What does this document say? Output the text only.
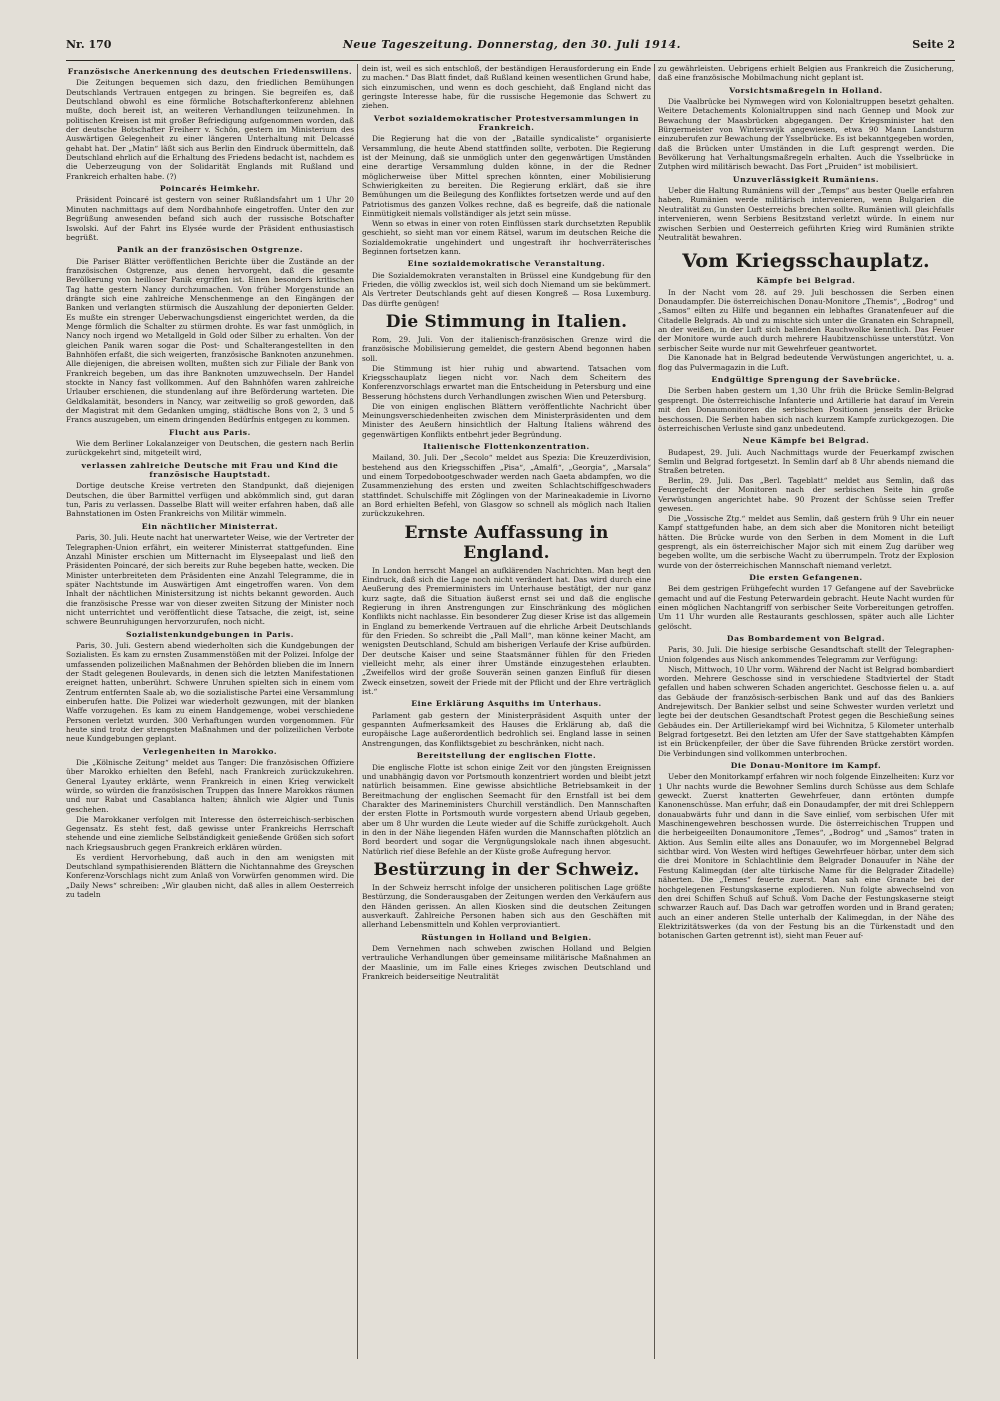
Nr. 170	Neue Tageszeitung. Donnerstag, den 30. Juli 1914.	Seite 2
Französische Anerkennung des deutschen Friedenswillens.

Die Zeitungen bequemen sich dazu, den friedlichen Bemühungen Deutschlands Vertrauen entgegen zu bringen. Sie begreifen es, daß Deutschland obwohl es eine förmliche Botschafterkonferenz ablehnen mußte, doch bereit ist, an weiteren Verhandlungen teilzunehmen. In politischen Kreisen ist mit großer Befriedigung aufgenommen worden, daß der deutsche Botschafter Freiherr v. Schön, gestern im Ministerium des Auswärtigen Gelegenheit zu einer längeren Unterhaltung mit Delcassé gehabt hat. Der „Matin“ läßt sich aus Berlin den Eindruck übermitteln, daß Deutschland ehrlich auf die Erhaltung des Friedens bedacht ist, nachdem es die Ueberzeugung von der Solidarität Englands mit Rußland und Frankreich erhalten habe. (?)

Poincarés Heimkehr.

Präsident Poincaré ist gestern von seiner Rußlandsfahrt um 1 Uhr 20 Minuten nachmittags auf dem Nordbahnhofe eingetroffen. Unter den zur Begrüßung anwesenden befand sich auch der russische Botschafter Iswolski. Auf der Fahrt ins Elysée wurde der Präsident enthusiastisch begrüßt.

Panik an der französischen Ostgrenze.

Die Pariser Blätter veröffentlichen Berichte über die Zustände an der französischen Ostgrenze, aus denen hervorgeht, daß die gesamte Bevölkerung von heilloser Panik ergriffen ist. Einen besonders kritischen Tag hatte gestern Nancy durchzumachen. Von früher Morgenstunde an drängte sich eine zahlreiche Menschenmenge an den Eingängen der Banken und verlangten stürmisch die Auszahlung der deponierten Gelder. Es mußte ein strenger Ueberwachungsdienst eingerichtet werden, da die Menge förmlich die Schalter zu stürmen drohte. Es war fast unmöglich, in Nancy noch irgend wo Metallgeld in Gold oder Silber zu erhalten. Von der gleichen Panik waren sogar die Post- und Schalterangestellten in den Bahnhöfen erfaßt, die sich weigerten, französische Banknoten anzunehmen. Alle diejenigen, die abreisen wollten, mußten sich zur Filiale der Bank von Frankreich begeben, um das ihre Banknoten umzuwechseln. Der Handel stockte in Nancy fast vollkommen. Auf den Bahnhöfen waren zahlreiche Urlauber erschienen, die stundenlang auf ihre Beförderung warteten. Die Geldkalamität, besonders in Nancy, war zeitweilig so groß geworden, daß der Magistrat mit dem Gedanken umging, städtische Bons von 2, 3 und 5 Francs auszugeben, um einem dringenden Bedürfnis entgegen zu kommen.

Flucht aus Paris.

Wie dem Berliner Lokalanzeiger von Deutschen, die gestern nach Berlin zurückgekehrt sind, mitgeteilt wird,

verlassen zahlreiche Deutsche mit Frau und Kind die französische Hauptstadt.

Dortige deutsche Kreise vertreten den Standpunkt, daß diejenigen Deutschen, die über Barmittel verfügen und abkömmlich sind, gut daran tun, Paris zu verlassen. Dasselbe Blatt will weiter erfahren haben, daß alle Bahnstationen im Osten Frankreichs von Militär wimmeln.

Ein nächtlicher Ministerrat.

Paris, 30. Juli. Heute nacht hat unerwarteter Weise, wie der Vertreter der Telegraphen-Union erfährt, ein weiterer Ministerrat stattgefunden. Eine Anzahl Minister erschien um Mitternacht im Elyseepalast und ließ den Präsidenten Poincaré, der sich bereits zur Ruhe begeben hatte, wecken. Die Minister unterbreiteten dem Präsidenten eine Anzahl Telegramme, die in später Nachtstunde im Auswärtigen Amt eingetroffen waren. Von dem Inhalt der nächtlichen Ministersitzung ist nichts bekannt geworden. Auch die französische Presse war von dieser zweiten Sitzung der Minister noch nicht unterrichtet und veröffentlicht diese Tatsache, die zeigt, ist, seine schwere Beunruhigungen hervorzurufen, noch nicht.

Sozialistenkundgebungen in Paris.

Paris, 30. Juli. Gestern abend wiederholten sich die Kundgebungen der Sozialisten. Es kam zu ernsten Zusammenstößen mit der Polizei. Infolge der umfassenden polizeilichen Maßnahmen der Behörden blieben die im Innern der Stadt gelegenen Boulevards, in denen sich die letzten Manifestationen ereignet hatten, unberührt. Schwere Unruhen spielten sich in einem vom Zentrum entfernten Saale ab, wo die sozialistische Partei eine Versammlung einberufen hatte. Die Polizei war wiederholt gezwungen, mit der blanken Waffe vorzugehen. Es kam zu einem Handgemenge, wobei verschiedene Personen verletzt wurden. 300 Verhaftungen wurden vorgenommen. Für heute sind trotz der strengsten Maßnahmen und der polizeilichen Verbote neue Kundgebungen geplant.

Verlegenheiten in Marokko.

Die „Kölnische Zeitung“ meldet aus Tanger: Die französischen Offiziere über Marokko erhielten den Befehl, nach Frankreich zurückzukehren. General Lyautey erklärte, wenn Frankreich in einen Krieg verwickelt würde, so würden die französischen Truppen das Innere Marokkos räumen und nur Rabat und Casablanca halten; ähnlich wie Algier und Tunis geschehen.

Die Marokkaner verfolgen mit Interesse den österreichisch-serbischen Gegensatz. Es steht fest, daß gewisse unter Frankreichs Herrschaft stehende und eine ziemliche Selbständigkeit genießende Größen sich sofort nach Kriegsausbruch gegen Frankreich erklären würden.

Es verdient Hervorhebung, daß auch in den am wenigsten mit Deutschland sympathisierenden Blättern die Nichtannahme des Greyschen Konferenz-Vorschlags nicht zum Anlaß von Vorwürfen genommen wird. Die „Daily News“ schreiben: „Wir glauben nicht, daß alles in allem Oesterreich zu tadeln

dein ist, weil es sich entschloß, der beständigen Herausforderung ein Ende zu machen.“ Das Blatt findet, daß Rußland keinen wesentlichen Grund habe, sich einzumischen, und wenn es doch geschieht, daß England nicht das geringste Interesse habe, für die russische Hegemonie das Schwert zu ziehen.

Verbot sozialdemokratischer Protestversammlungen in Frankreich.

Die Regierung hat die von der „Bataille syndicaliste“ organisierte Versammlung, die heute Abend stattfinden sollte, verboten. Die Regierung ist der Meinung, daß sie unmöglich unter den gegenwärtigen Umständen eine derartige Versammlung dulden könne, in der die Redner möglicherweise über Mittel sprechen könnten, einer Mobilisierung Schwierigkeiten zu bereiten. Die Regierung erklärt, daß sie ihre Bemühungen um die Beilegung des Konfliktes fortsetzen werde und auf den Patriotismus des ganzen Volkes rechne, daß es begreife, daß die nationale Einmütigkeit niemals vollständiger als jetzt sein müsse.

Wenn so etwas in einer von roten Einflüssen stark durchsetzten Republik geschieht, so sieht man vor einem Rätsel, warum im deutschen Reiche die Sozialdemokratie ungehindert und ungestraft ihr hochverräterisches Beginnen fortsetzen kann.

Eine sozialdemokratische Veranstaltung.

Die Sozialdemokraten veranstalten in Brüssel eine Kundgebung für den Frieden, die völlig zwecklos ist, weil sich doch Niemand um sie bekümmert. Als Vertreter Deutschlands geht auf diesen Kongreß — Rosa Luxemburg. Das dürfte genügen!

Die Stimmung in Italien.

Rom, 29. Juli. Von der italienisch-französischen Grenze wird die französische Mobilisierung gemeldet, die gestern Abend begonnen haben soll.

Die Stimmung ist hier ruhig und abwartend. Tatsachen vom Kriegsschauplatz liegen nicht vor. Nach dem Scheitern des Konferenzvorschlags erwartet man die Entscheidung in Petersburg und eine Besserung höchstens durch Verhandlungen zwischen Wien und Petersburg.

Die von einigen englischen Blättern veröffentlichte Nachricht über Meinungsverschiedenheiten zwischen dem Ministerpräsidenten und dem Minister des Aeußern hinsichtlich der Haltung Italiens während des gegenwärtigen Konflikts entbehrt jeder Begründung.

Italienische Flottenkonzentration.

Mailand, 30. Juli. Der „Secolo“ meldet aus Spezia: Die Kreuzerdivision, bestehend aus den Kriegsschiffen „Pisa“, „Amalfi“, „Georgia“, „Marsala“ und einem Torpedobootgeschwader werden nach Gaeta abdampfen, wo die Zusammenziehung des ersten und zweiten Schlachtschiffgeschwaders stattfindet. Schulschiffe mit Zöglingen von der Marineakademie in Livorno an Bord erhielten Befehl, von Glasgow so schnell als möglich nach Italien zurückzukehren.

Ernste Auffassung in England.

In London herrscht Mangel an aufklärenden Nachrichten. Man hegt den Eindruck, daß sich die Lage noch nicht verändert hat. Das wird durch eine Aeußerung des Premierministers im Unterhause bestätigt, der nur ganz kurz sagte, daß die Situation äußerst ernst sei und daß die englische Regierung in ihren Anstrengungen zur Einschränkung des möglichen Konflikts nicht nachlasse. Ein besonderer Zug dieser Krise ist das allgemein in England zu bemerkende Vertrauen auf die ehrliche Arbeit Deutschlands für den Frieden. So schreibt die „Pall Mall“, man könne keiner Macht, am wenigsten Deutschland, Schuld am bisherigen Verlaufe der Krise aufbürden. Der deutsche Kaiser und seine Staatsmänner fühlen für den Frieden vielleicht mehr, als einer ihrer Umstände einzugestehen erlaubten. „Zweifellos wird der große Souverän seinen ganzen Einfluß für diesen Zweck einsetzen, soweit der Friede mit der Pflicht und der Ehre verträglich ist.“

Eine Erklärung Asquiths im Unterhaus.

Parlament gab gestern der Ministerpräsident Asquith unter der gespannten Aufmerksamkeit des Hauses die Erklärung ab, daß die europäische Lage außerordentlich bedrohlich sei. England lasse in seinen Anstrengungen, das Konfliktsgebiet zu beschränken, nicht nach.

Bereitstellung der englischen Flotte.

Die englische Flotte ist schon einige Zeit vor den jüngsten Ereignissen und unabhängig davon vor Portsmouth konzentriert worden und bleibt jetzt natürlich beisammen. Eine gewisse absichtliche Betriebsamkeit in der Bereitmachung der englischen Seemacht für den Ernstfall ist bei dem Charakter des Marineministers Churchill verständlich. Den Mannschaften der ersten Flotte in Portsmouth wurde vorgestern abend Urlaub gegeben, aber um 8 Uhr wurden die Leute wieder auf die Schiffe zurückgeholt. Auch in den in der Nähe liegenden Häfen wurden die Mannschaften plötzlich an Bord beordert und sogar die Vergnügungslokale nach ihnen abgesucht. Natürlich rief diese Befehle an der Küste große Aufregung hervor.

Bestürzung in der Schweiz.

In der Schweiz herrscht infolge der unsicheren politischen Lage größte Bestürzung, die Sonderausgaben der Zeitungen werden den Verkäufern aus den Händen gerissen. An allen Kiosken sind die deutschen Zeitungen ausverkauft. Zahlreiche Personen haben sich aus den Geschäften mit allerhand Lebensmitteln und Kohlen verproviantiert.

Rüstungen in Holland und Belgien.

Dem Vernehmen nach schweben zwischen Holland und Belgien vertrauliche Verhandlungen über gemeinsame militärische Maßnahmen an der Maaslinie, um im Falle eines Krieges zwischen Deutschland und Frankreich beiderseitige Neutralität

zu gewährleisten. Uebrigens erhielt Belgien aus Frankreich die Zusicherung, daß eine französische Mobilmachung nicht geplant ist.

Vorsichtsmaßregeln in Holland.

Die Vaalbrücke bei Nymwegen wird von Kolonialtruppen besetzt gehalten. Weitere Detachements Kolonialtruppen sind nach Gennep und Mook zur Bewachung der Maasbrücken abgegangen. Der Kriegsminister hat den Bürgermeister von Winterswijk angewiesen, etwa 90 Mann Landsturm einzuberufen zur Bewachung der Ysselbrücke. Es ist bekanntgegeben worden, daß die Brücken unter Umständen in die Luft gesprengt werden. Die Bevölkerung hat Verhaltungsmaßregeln erhalten. Auch die Ysselbrücke in Zutphen wird militärisch bewacht. Das Fort „Pruiden“ ist mobilisiert.

Unzuverlässigkeit Rumäniens.

Ueber die Haltung Rumäniens will der „Temps“ aus bester Quelle erfahren haben, Rumänien werde militärisch intervenieren, wenn Bulgarien die Neutralität zu Gunsten Oesterreichs brechen sollte. Rumänien will gleichfalls intervenieren, wenn Serbiens Besitzstand verletzt würde. In einem nur zwischen Serbien und Oesterreich geführten Krieg wird Rumänien strikte Neutralität bewahren.

Vom Kriegsschauplatz.
Kämpfe bei Belgrad.

In der Nacht vom 28. auf 29. Juli beschossen die Serben einen Donaudampfer. Die österreichischen Donau-Monitore „Themis“, „Bodrog“ und „Samos“ eilten zu Hilfe und begannen ein lebhaftes Granatenfeuer auf die Citadelle Belgrads. Ab und zu mischte sich unter die Granaten ein Schrapnell, an der weißen, in der Luft sich ballenden Rauchwolke kenntlich. Das Feuer der Monitore wurde auch durch mehrere Haubitzenschüsse unterstützt. Von serbischer Seite wurde nur mit Gewehrfeuer geantwortet.

Die Kanonade hat in Belgrad bedeutende Verwüstungen angerichtet, u. a. flog das Pulvermagazin in die Luft.

Endgültige Sprengung der Savebrücke.

Die Serben haben gestern um 1,30 Uhr früh die Brücke Semlin-Belgrad gesprengt. Die österreichische Infanterie und Artillerie hat darauf im Verein mit den Donaumonitoren die serbischen Positionen jenseits der Brücke beschossen. Die Serben haben sich nach kurzem Kampfe zurückgezogen. Die österreichischen Verluste sind ganz unbedeutend.

Neue Kämpfe bei Belgrad.

Budapest, 29. Juli. Auch Nachmittags wurde der Feuerkampf zwischen Semlin und Belgrad fortgesetzt. In Semlin darf ab 8 Uhr abends niemand die Straßen betreten.

Berlin, 29. Juli. Das „Berl. Tageblatt“ meldet aus Semlin, daß das Feuergefecht der Monitoren nach der serbischen Seite hin große Verwüstungen angerichtet habe. 90 Prozent der Schüsse seien Treffer gewesen.

Die „Vossische Ztg.“ meldet aus Semlin, daß gestern früh 9 Uhr ein neuer Kampf stattgefunden habe, an dem sich aber die Monitoren nicht beteiligt hätten. Die Brücke wurde von den Serben in dem Moment in die Luft gesprengt, als ein österreichischer Major sich mit einem Zug darüber weg begeben wollte, um die serbische Wacht zu überrumpeln. Trotz der Explosion wurde von der österreichischen Mannschaft niemand verletzt.

Die ersten Gefangenen.

Bei dem gestrigen Frühgefecht wurden 17 Gefangene auf der Savebrücke gemacht und auf die Festung Peterwardein gebracht. Heute Nacht wurden für einen möglichen Nachtangriff von serbischer Seite Vorbereitungen getroffen. Um 11 Uhr wurden alle Restaurants geschlossen, später auch alle Lichter gelöscht.

Das Bombardement von Belgrad.

Paris, 30. Juli. Die hiesige serbische Gesandtschaft stellt der Telegraphen-Union folgendes aus Nisch ankommendes Telegramm zur Verfügung:

Nisch, Mittwoch, 10 Uhr vorm. Während der Nacht ist Belgrad bombardiert worden. Mehrere Geschosse sind in verschiedene Stadtviertel der Stadt gefallen und haben schweren Schaden angerichtet. Geschosse fielen u. a. auf das Gebäude der französisch-serbischen Bank und auf das des Bankiers Andrejewitsch. Der Bankier selbst und seine Schwester wurden verletzt und legte bei der deutschen Gesandtschaft Protest gegen die Beschießung seines Gebäudes ein. Der Artilleriekampf wird bei Wichnitza, 5 Kilometer unterhalb Belgrad fortgesetzt. Bei den letzten am Ufer der Save stattgehabten Kämpfen ist ein Brückenpfeiler, der über die Save führenden Brücke zerstört worden. Die Verbindungen sind vollkommen unterbrochen.

Die Donau-Monitore im Kampf.

Ueber den Monitorkampf erfahren wir noch folgende Einzelheiten: Kurz vor 1 Uhr nachts wurde die Bewohner Semlins durch Schüsse aus dem Schlafe geweckt. Zuerst knatterten Gewehrfeuer, dann ertönten dumpfe Kanonenschüsse. Man erfuhr, daß ein Donaudampfer, der mit drei Schleppern donauabwärts fuhr und dann in die Save einlief, vom serbischen Ufer mit Maschinengewehren beschossen wurde. Die österreichischen Truppen und die herbeigeeilten Donaumonitore „Temes“, „Bodrog“ und „Samos“ traten in Aktion. Aus Semlin eilte alles ans Donauufer, wo im Morgennebel Belgrad sichtbar wird. Von Westen wird heftiges Gewehrfeuer hörbar, unter dem sich die drei Monitore in Schlachtlinie dem Belgrader Donauufer in Nähe der Festung Kalimegdan (der alte türkische Name für die Belgrader Zitadelle) näherten. Die „Temes“ feuerte zuerst. Man sah eine Granate bei der hochgelegenen Festungskaserne explodieren. Nun folgte abwechselnd von den drei Schiffen Schuß auf Schuß. Vom Dache der Festungskaserne steigt schwarzer Rauch auf. Das Dach war getroffen worden und in Brand geraten; auch an einer anderen Stelle unterhalb der Kalimegdan, in der Nähe des Elektrizitätswerkes (da von der Festung bis an die Türkenstadt und den botanischen Garten getrennt ist), sieht man Feuer auf-
